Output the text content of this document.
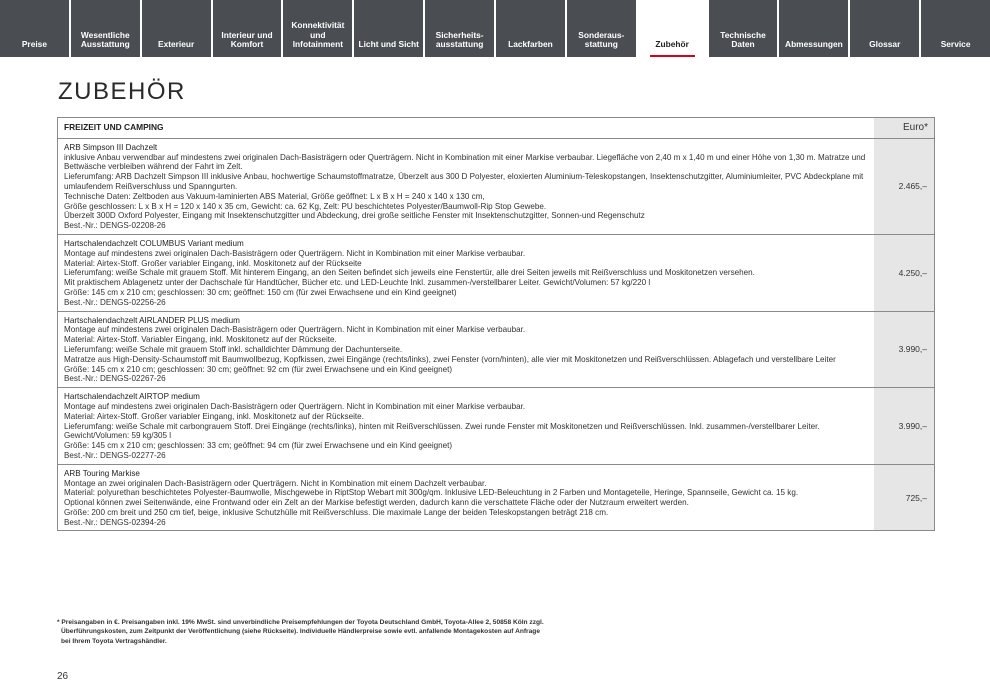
Preise
Wesentliche
Ausstattung	Exterieur
Interieur und
Komfort
Konnektivität
und
Infotainment	Licht und Sicht
Sicherheits-
ausstattung	Lackfarben
Sonderaus-
stattung	Zubehör
Technische
Daten	Abmessungen	Glossar	Service
ZUBEHÖR
FREIZEIT UND CAMPING	Euro*
ARB Simpson III Dachzelt
inklusive Anbau verwendbar auf mindestens zwei originalen Dach-Basisträgern oder Querträgern. Nicht in Kombination mit einer Markise verbaubar. Liegefläche von 2,40 m x 1,40 m und einer Höhe von 1,30 m. Matratze und Bettwäsche verbleiben während der Fahrt im Zelt.
Lieferumfang: ARB Dachzelt Simpson III inklusive Anbau, hochwertige Schaumstoffmatratze, Überzelt aus 300 D Polyester, eloxierten Aluminium-Teleskopstangen, Insektenschutzgitter, Aluminiumleiter, PVC Abdeckplane mit umlaufendem Reißverschluss und Spanngurten.
Technische Daten: Zeltboden aus Vakuum-laminierten ABS Material, Größe geöffnet: L x B x H = 240 x 140 x 130 cm,
Größe geschlossen: L x B x H = 120 x 140 x 35 cm, Gewicht: ca. 62 Kg, Zelt: PU beschichtetes Polyester/Baumwoll-Rip Stop Gewebe.
Überzelt 300D Oxford Polyester, Eingang mit Insektenschutzgitter und Abdeckung, drei große seitliche Fenster mit Insektenschutzgitter, Sonnen-und Regenschutz
Best.-Nr.: DENGS-02208-26
2.465,–
Hartschalendachzelt COLUMBUS Variant medium
Montage auf mindestens zwei originalen Dach-Basisträgern oder Querträgern. Nicht in Kombination mit einer Markise verbaubar.
Material: Airtex-Stoff. Großer variabler Eingang, inkl. Moskitonetz auf der Rückseite
Lieferumfang: weiße Schale mit grauem Stoff. Mit hinterem Eingang, an den Seiten befindet sich jeweils eine Fenstertür, alle drei Seiten jeweils mit Reißverschluss und Moskitonetzen versehen.
Mit praktischem Ablagenetz unter der Dachschale für Handtücher, Bücher etc. und LED-Leuchte Inkl. zusammen-/verstellbarer Leiter. Gewicht/Volumen: 57 kg/220 l
Größe: 145 cm x 210 cm; geschlossen: 30 cm; geöffnet: 150 cm (für zwei Erwachsene und ein Kind geeignet)
Best.-Nr.: DENGS-02256-26
4.250,–
Hartschalendachzelt AIRLANDER PLUS medium
Montage auf mindestens zwei originalen Dach-Basisträgern oder Querträgern. Nicht in Kombination mit einer Markise verbaubar.
Material: Airtex-Stoff. Variabler Eingang, inkl. Moskitonetz auf der Rückseite.
Lieferumfang: weiße Schale mit grauem Stoff inkl. schalldichter Dämmung der Dachunterseite.
Matratze aus High-Density-Schaumstoff mit Baumwollbezug, Kopfkissen, zwei Eingänge (rechts/links), zwei Fenster (vorn/hinten), alle vier mit Moskitonetzen und Reißverschlüssen. Ablagefach und verstellbare Leiter
Größe: 145 cm x 210 cm; geschlossen: 30 cm; geöffnet: 92 cm (für zwei Erwachsene und ein Kind geeignet)
Best.-Nr.: DENGS-02267-26
3.990,–
Hartschalendachzelt AIRTOP medium
Montage auf mindestens zwei originalen Dach-Basisträgern oder Querträgern. Nicht in Kombination mit einer Markise verbaubar.
Material: Airtex-Stoff. Großer variabler Eingang, inkl. Moskitonetz auf der Rückseite.
Lieferumfang: weiße Schale mit carbongrauem Stoff. Drei Eingänge (rechts/links), hinten mit Reißverschlüssen. Zwei runde Fenster mit Moskitonetzen und Reißverschlüssen. Inkl. zusammen-/verstellbarer Leiter.
Gewicht/Volumen: 59 kg/305 l
Größe: 145 cm x 210 cm; geschlossen: 33 cm; geöffnet: 94 cm (für zwei Erwachsene und ein Kind geeignet)
Best.-Nr.: DENGS-02277-26
3.990,–
ARB Touring Markise
Montage an zwei originalen Dach-Basisträgern oder Querträgern. Nicht in Kombination mit einem Dachzelt verbaubar.
Material: polyurethan beschichtetes Polyester-Baumwolle, Mischgewebe in RiptStop Webart mit 300g/qm. Inklusive LED-Beleuchtung in 2 Farben und Montageteile, Heringe, Spannseile, Gewicht ca. 15 kg.
Optional können zwei Seitenwände, eine Frontwand oder ein Zelt an der Markise befestigt werden, dadurch kann die verschattete Fläche oder der Nutzraum erweitert werden.
Größe: 200 cm breit und 250 cm tief, beige, inklusive Schutzhülle mit Reißverschluss. Die maximale Lange der beiden Teleskopstangen beträgt 218 cm.
Best.-Nr.: DENGS-02394-26
725,–
* Preisangaben in €. Preisangaben inkl. 19% MwSt. sind unverbindliche Preisempfehlungen der Toyota Deutschland GmbH, Toyota-Allee 2, 50858 Köln zzgl.
Überführungskosten, zum Zeitpunkt der Veröffentlichung (siehe Rückseite). Individuelle Händlerpreise sowie evtl. anfallende Montagekosten auf Anfrage
bei Ihrem Toyota Vertragshändler.
26
